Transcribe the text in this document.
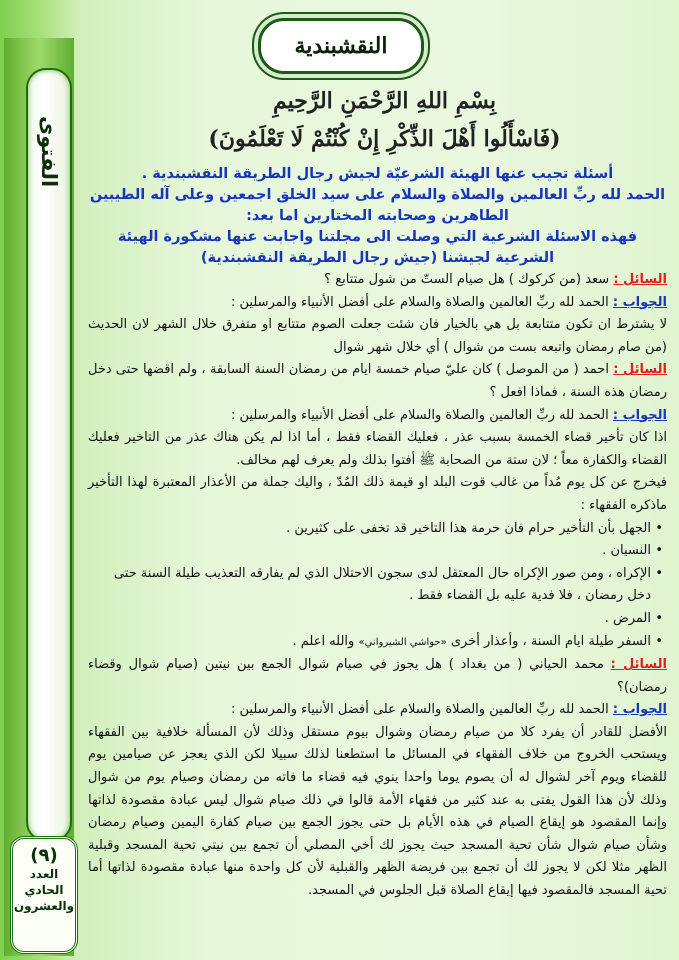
الفتوى
(٩)
العدد
الحادي
والعشرون
النقشبندية
بِسْمِ اللهِ الرَّحْمَنِ الرَّحِيمِ
(فَاسْأَلُوا أَهْلَ الذِّكْرِ إِنْ كُنْتُمْ لَا تَعْلَمُونَ)

أسئلة تجيب عنها الهيئة الشرعيّة لجيش رجال الطريقة النقشبندية .

الحمد لله ربِّ العالمين والصلاة والسلام على سيد الخلق اجمعين وعلى آله الطيبين الطاهرين وصحابته المختارين اما بعد:

فهذه الاسئلة الشرعية التي وصلت الى مجلتنا واجابت عنها مشكورة الهيئة الشرعية لجيشنا (جيش رجال الطريقة النقشبندية)

السائل : سعد (من كركوك ) هل صيام الستّ من شول متتابع ؟

الجواب : الحمد لله ربِّ العالمين والصلاة والسلام على أفضل الأنبياء والمرسلين :

لا يشترط ان تكون متتابعة بل هي بالخيار فان شئت جعلت الصوم متتابع او متفرق خلال الشهر لان الحديث (من صام رمضان واتبعه بست من شوال ) أي خلال شهر شوال

السائل : احمد ( من الموصل ) كان عليّ صيام خمسة ايام من رمضان السنة السابقة ، ولم اقضها حتى دخل رمضان هذه السنة ، فماذا افعل ؟

الجواب : الحمد لله ربِّ العالمين والصلاة والسلام على أفضل الأنبياء والمرسلين :

اذا كان تأخير قضاء الخمسة بسبب عذر ، فعليك القضاء فقط ، أما اذا لم يكن هناك عذر من التاخير فعليك القضاء والكفارة معاً ؛ لان ستة من الصحابة ﷺ أفتوا بذلك ولم يعرف لهم مخالف.

فيخرج عن كل يوم مُداً من غالب قوت البلد او قيمة ذلك المُدّ ، واليك جملة من الأعذار المعتبرة لهذا التأخير ماذكره الفقهاء :

• الجهل بأن التأخير حرام فان حرمة هذا التاخير قد تخفى على كثيرين .
• النسيان .
• الإكراه ، ومن صور الإكراه حال المعتقل لدى سجون الاحتلال الذي لم يفارقه التعذيب طيلة السنة حتى دخل رمضان ، فلا فدية عليه بل القضاء فقط .
• المرض .
• السفر طيلة ايام السنة ، وأعذار أخرى «حواشي الشيرواني» والله اعلم .

السائل : محمد الحياني ( من بغداد ) هل يجوز في صيام شوال الجمع بين نيتين (صيام شوال وقضاء رمضان)؟

الجواب : الحمد لله ربِّ العالمين والصلاة والسلام على أفضل الأنبياء والمرسلين :

الأفضل للقادر أن يفرد كلا من صيام رمضان وشوال بيوم مستقل وذلك لأن المسألة خلافية بين الفقهاء ويستحب الخروج من خلاف الفقهاء في المسائل ما استطعنا لذلك سبيلا لكن الذي يعجز عن صيامين يوم للقضاء ويوم آخر لشوال له أن يصوم يوما واحدا ينوي فيه قضاء ما فاته من رمضان وصيام يوم من شوال وذلك لأن هذا القول يفتى به عند كثير من فقهاء الأمة قالوا في ذلك صيام شوال ليس عبادة مقصودة لذاتها وإنما المقصود هو إيقاع الصيام في هذه الأيام بل حتى يجوز الجمع بين صيام كفارة اليمين وصيام رمضان وشأن صيام شوال شأن تحية المسجد حيث يجوز لك أخي المصلي أن تجمع بين نيتي تحية المسجد وقبلية الظهر مثلا لكن لا يجوز لك أن تجمع بين فريضة الظهر والقبلية لأن كل واحدة منها عبادة مقصودة لذاتها أما تحية المسجد فالمقصود فيها إيقاع الصلاة قبل الجلوس في المسجد.
